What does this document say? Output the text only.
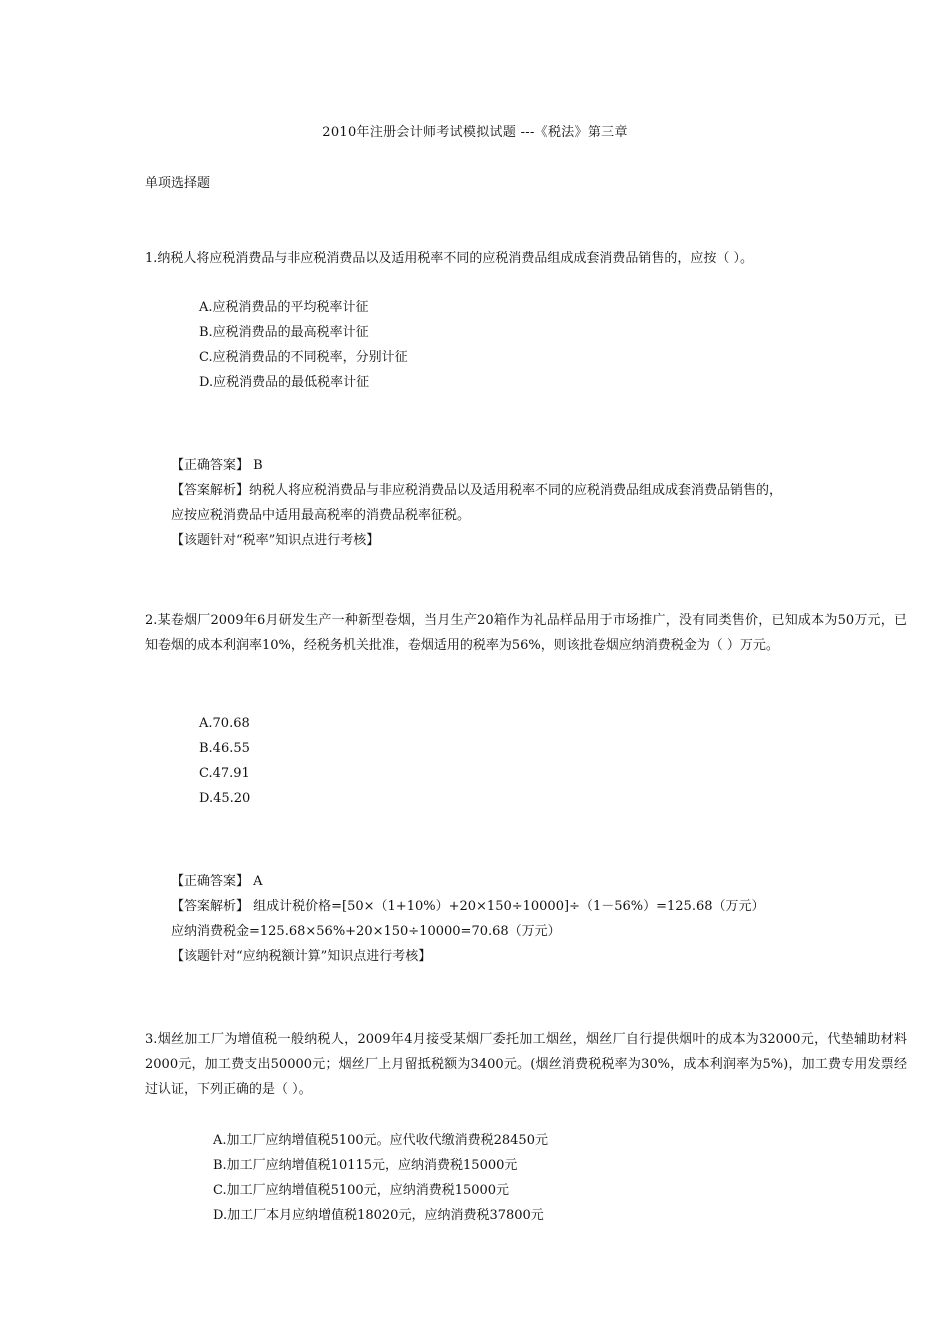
2010年注册会计师考试模拟试题 ---《税法》第三章
单项选择题
1.纳税人将应税消费品与非应税消费品以及适用税率不同的应税消费品组成成套消费品销售的，应按（ ）。
A.应税消费品的平均税率计征
B.应税消费品的最高税率计征
C.应税消费品的不同税率，分别计征
D.应税消费品的最低税率计征
【正确答案】 B
【答案解析】纳税人将应税消费品与非应税消费品以及适用税率不同的应税消费品组成成套消费品销售的，
应按应税消费品中适用最高税率的消费品税率征税。
【该题针对“税率”知识点进行考核】
2.某卷烟厂2009年6月研发生产一种新型卷烟，当月生产20箱作为礼品样品用于市场推广，没有同类售价，已知成本为50万元，已知卷烟的成本利润率10%，经税务机关批准，卷烟适用的税率为56%，则该批卷烟应纳消费税金为（ ）万元。
A.70.68
B.46.55
C.47.91
D.45.20
【正确答案】 A
【答案解析】 组成计税价格=[50×（1+10%）+20×150÷10000]÷（1－56%）=125.68（万元）
应纳消费税金=125.68×56%+20×150÷10000=70.68（万元）
【该题针对“应纳税额计算”知识点进行考核】
3.烟丝加工厂为增值税一般纳税人，2009年4月接受某烟厂委托加工烟丝，烟丝厂自行提供烟叶的成本为32000元，代垫辅助材料2000元，加工费支出50000元；烟丝厂上月留抵税额为3400元。(烟丝消费税税率为30%，成本利润率为5%)，加工费专用发票经过认证，下列正确的是（ ）。
A.加工厂应纳增值税5100元。应代收代缴消费税28450元
B.加工厂应纳增值税10115元，应纳消费税15000元
C.加工厂应纳增值税5100元，应纳消费税15000元
D.加工厂本月应纳增值税18020元，应纳消费税37800元
